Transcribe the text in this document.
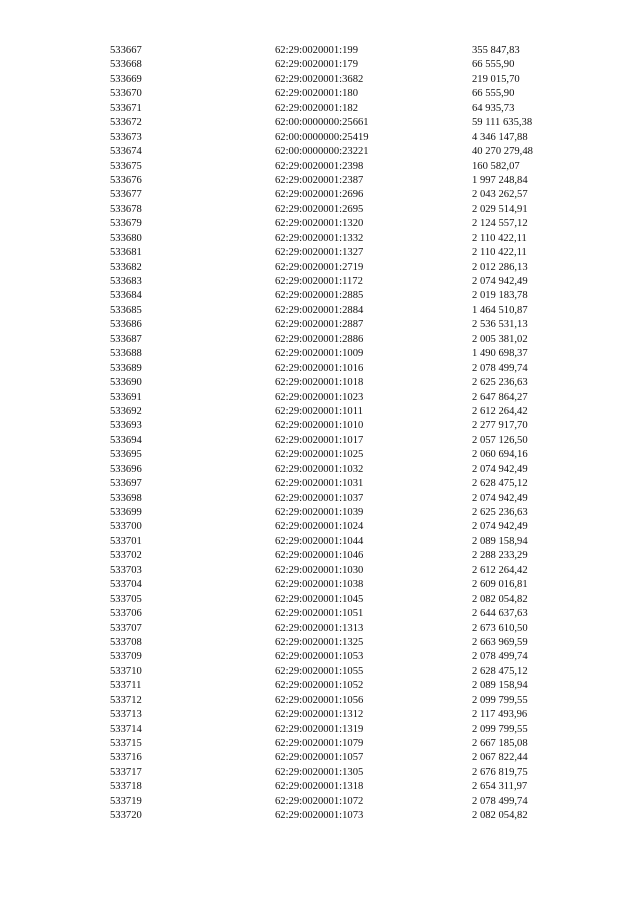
533667	62:29:0020001:199	355 847,83
533668	62:29:0020001:179	66 555,90
533669	62:29:0020001:3682	219 015,70
533670	62:29:0020001:180	66 555,90
533671	62:29:0020001:182	64 935,73
533672	62:00:0000000:25661	59 111 635,38
533673	62:00:0000000:25419	4 346 147,88
533674	62:00:0000000:23221	40 270 279,48
533675	62:29:0020001:2398	160 582,07
533676	62:29:0020001:2387	1 997 248,84
533677	62:29:0020001:2696	2 043 262,57
533678	62:29:0020001:2695	2 029 514,91
533679	62:29:0020001:1320	2 124 557,12
533680	62:29:0020001:1332	2 110 422,11
533681	62:29:0020001:1327	2 110 422,11
533682	62:29:0020001:2719	2 012 286,13
533683	62:29:0020001:1172	2 074 942,49
533684	62:29:0020001:2885	2 019 183,78
533685	62:29:0020001:2884	1 464 510,87
533686	62:29:0020001:2887	2 536 531,13
533687	62:29:0020001:2886	2 005 381,02
533688	62:29:0020001:1009	1 490 698,37
533689	62:29:0020001:1016	2 078 499,74
533690	62:29:0020001:1018	2 625 236,63
533691	62:29:0020001:1023	2 647 864,27
533692	62:29:0020001:1011	2 612 264,42
533693	62:29:0020001:1010	2 277 917,70
533694	62:29:0020001:1017	2 057 126,50
533695	62:29:0020001:1025	2 060 694,16
533696	62:29:0020001:1032	2 074 942,49
533697	62:29:0020001:1031	2 628 475,12
533698	62:29:0020001:1037	2 074 942,49
533699	62:29:0020001:1039	2 625 236,63
533700	62:29:0020001:1024	2 074 942,49
533701	62:29:0020001:1044	2 089 158,94
533702	62:29:0020001:1046	2 288 233,29
533703	62:29:0020001:1030	2 612 264,42
533704	62:29:0020001:1038	2 609 016,81
533705	62:29:0020001:1045	2 082 054,82
533706	62:29:0020001:1051	2 644 637,63
533707	62:29:0020001:1313	2 673 610,50
533708	62:29:0020001:1325	2 663 969,59
533709	62:29:0020001:1053	2 078 499,74
533710	62:29:0020001:1055	2 628 475,12
533711	62:29:0020001:1052	2 089 158,94
533712	62:29:0020001:1056	2 099 799,55
533713	62:29:0020001:1312	2 117 493,96
533714	62:29:0020001:1319	2 099 799,55
533715	62:29:0020001:1079	2 667 185,08
533716	62:29:0020001:1057	2 067 822,44
533717	62:29:0020001:1305	2 676 819,75
533718	62:29:0020001:1318	2 654 311,97
533719	62:29:0020001:1072	2 078 499,74
533720	62:29:0020001:1073	2 082 054,82
